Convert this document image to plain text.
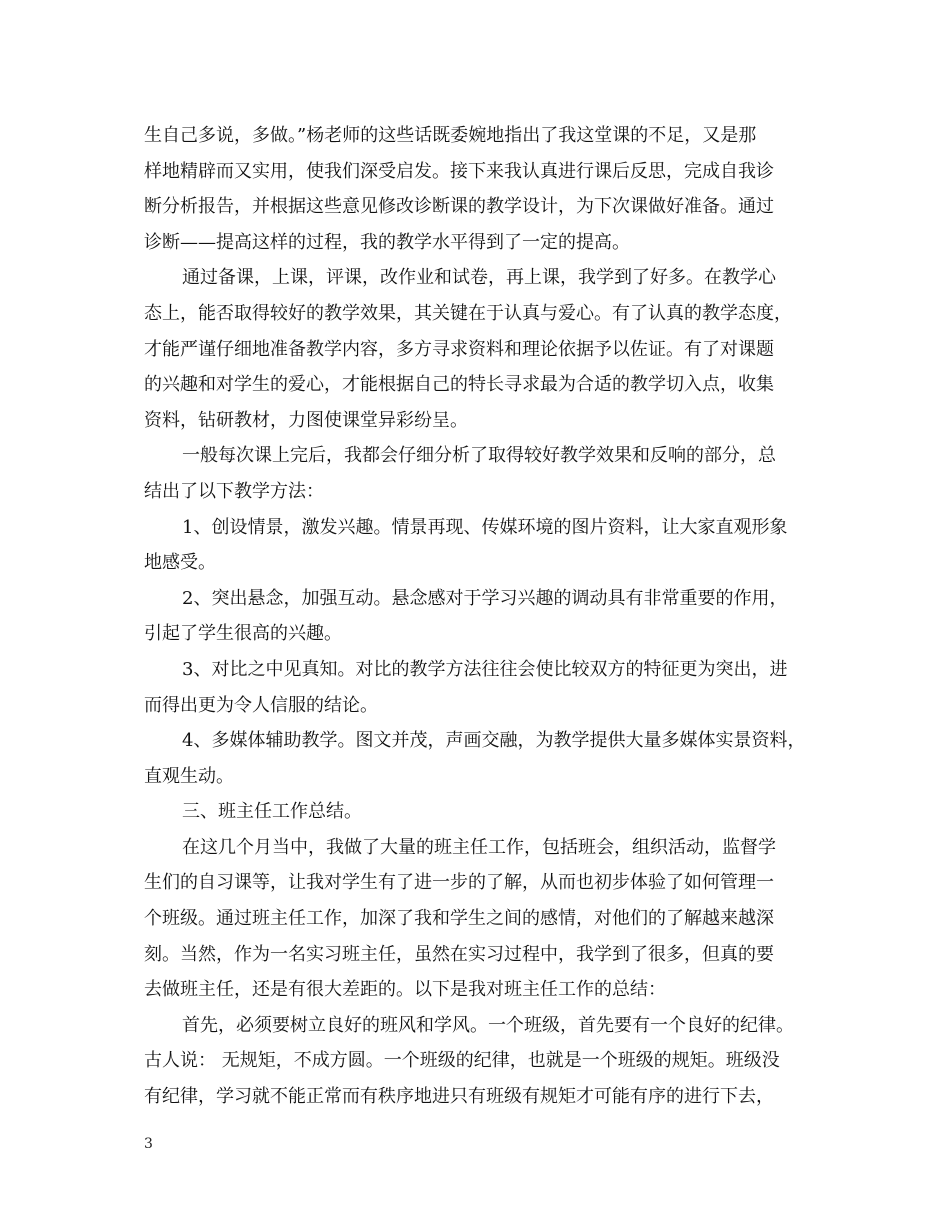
生自己多说，多做。”杨老师的这些话既委婉地指出了我这堂课的不足，又是那
样地精辟而又实用，使我们深受启发。接下来我认真进行课后反思，完成自我诊
断分析报告，并根据这些意见修改诊断课的教学设计，为下次课做好准备。通过
诊断——提高这样的过程，我的教学水平得到了一定的提高。
通过备课，上课，评课，改作业和试卷，再上课，我学到了好多。在教学心
态上，能否取得较好的教学效果，其关键在于认真与爱心。有了认真的教学态度，
才能严谨仔细地准备教学内容，多方寻求资料和理论依据予以佐证。有了对课题
的兴趣和对学生的爱心，才能根据自己的特长寻求最为合适的教学切入点，收集
资料，钻研教材，力图使课堂异彩纷呈。
一般每次课上完后，我都会仔细分析了取得较好教学效果和反响的部分，总
结出了以下教学方法：
1、创设情景，激发兴趣。情景再现、传媒环境的图片资料，让大家直观形象
地感受。
2、突出悬念，加强互动。悬念感对于学习兴趣的调动具有非常重要的作用，
引起了学生很高的兴趣。
3、对比之中见真知。对比的教学方法往往会使比较双方的特征更为突出，进
而得出更为令人信服的结论。
4、多媒体辅助教学。图文并茂，声画交融，为教学提供大量多媒体实景资料，
直观生动。
三、班主任工作总结。
在这几个月当中，我做了大量的班主任工作，包括班会，组织活动，监督学
生们的自习课等，让我对学生有了进一步的了解，从而也初步体验了如何管理一
个班级。通过班主任工作，加深了我和学生之间的感情，对他们的了解越来越深
刻。当然，作为一名实习班主任，虽然在实习过程中，我学到了很多，但真的要
去做班主任，还是有很大差距的。以下是我对班主任工作的总结：
首先，必须要树立良好的班风和学风。一个班级，首先要有一个良好的纪律。
古人说： 无规矩，不成方圆。一个班级的纪律，也就是一个班级的规矩。班级没
有纪律，学习就不能正常而有秩序地进只有班级有规矩才可能有序的进行下去，
3
